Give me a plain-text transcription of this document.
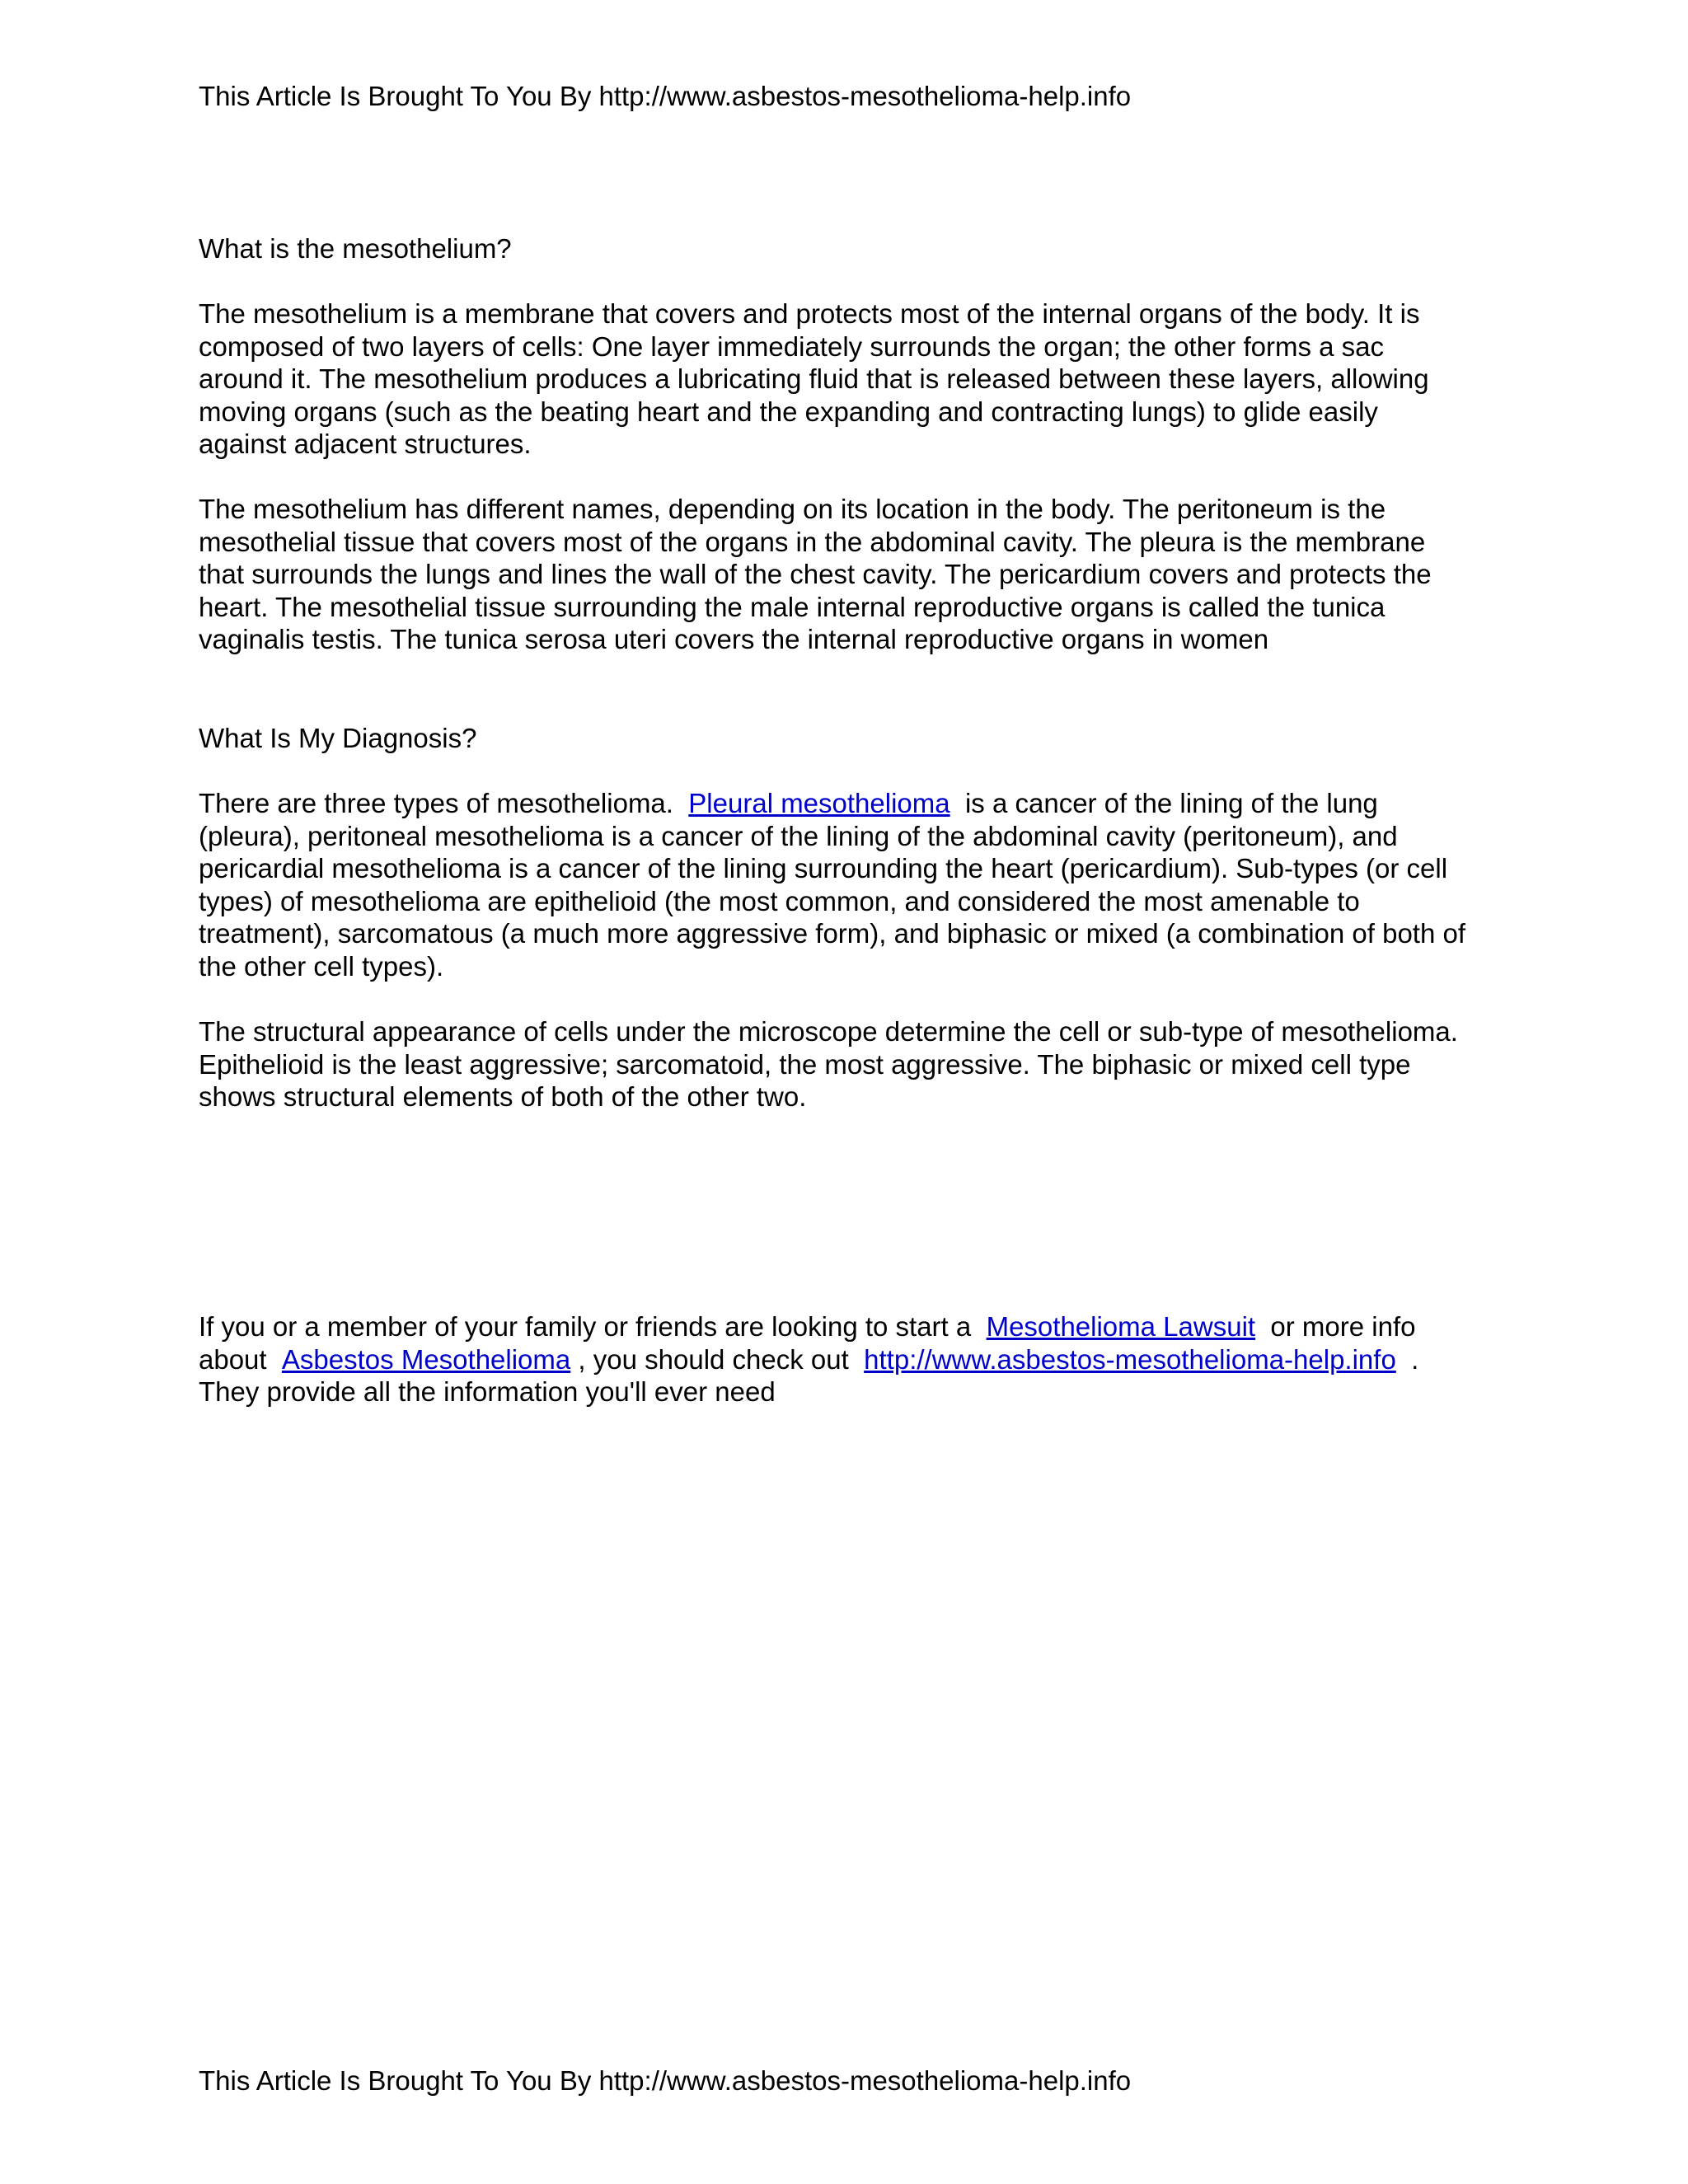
This Article Is Brought To You By http://www.asbestos-mesothelioma-help.info

What is the mesothelium?

The mesothelium is a membrane that covers and protects most of the internal organs of the body. It is
composed of two layers of cells: One layer immediately surrounds the organ; the other forms a sac
around it. The mesothelium produces a lubricating fluid that is released between these layers, allowing
moving organs (such as the beating heart and the expanding and contracting lungs) to glide easily
against adjacent structures.
The mesothelium has different names, depending on its location in the body. The peritoneum is the
mesothelial tissue that covers most of the organs in the abdominal cavity. The pleura is the membrane
that surrounds the lungs and lines the wall of the chest cavity. The pericardium covers and protects the
heart. The mesothelial tissue surrounding the male internal reproductive organs is called the tunica
vaginalis testis. The tunica serosa uteri covers the internal reproductive organs in women

What Is My Diagnosis?

There are three types of mesothelioma.  Pleural mesothelioma  is a cancer of the lining of the lung
(pleura), peritoneal mesothelioma is a cancer of the lining of the abdominal cavity (peritoneum), and
pericardial mesothelioma is a cancer of the lining surrounding the heart (pericardium). Sub-types (or cell
types) of mesothelioma are epithelioid (the most common, and considered the most amenable to
treatment), sarcomatous (a much more aggressive form), and biphasic or mixed (a combination of both of
the other cell types).
The structural appearance of cells under the microscope determine the cell or sub-type of mesothelioma.
Epithelioid is the least aggressive; sarcomatoid, the most aggressive. The biphasic or mixed cell type
shows structural elements of both of the other two.
If you or a member of your family or friends are looking to start a  Mesothelioma Lawsuit  or more info
about  Asbestos Mesothelioma , you should check out  http://www.asbestos-mesothelioma-help.info  .
They provide all the information you'll ever need

This Article Is Brought To You By http://www.asbestos-mesothelioma-help.info
